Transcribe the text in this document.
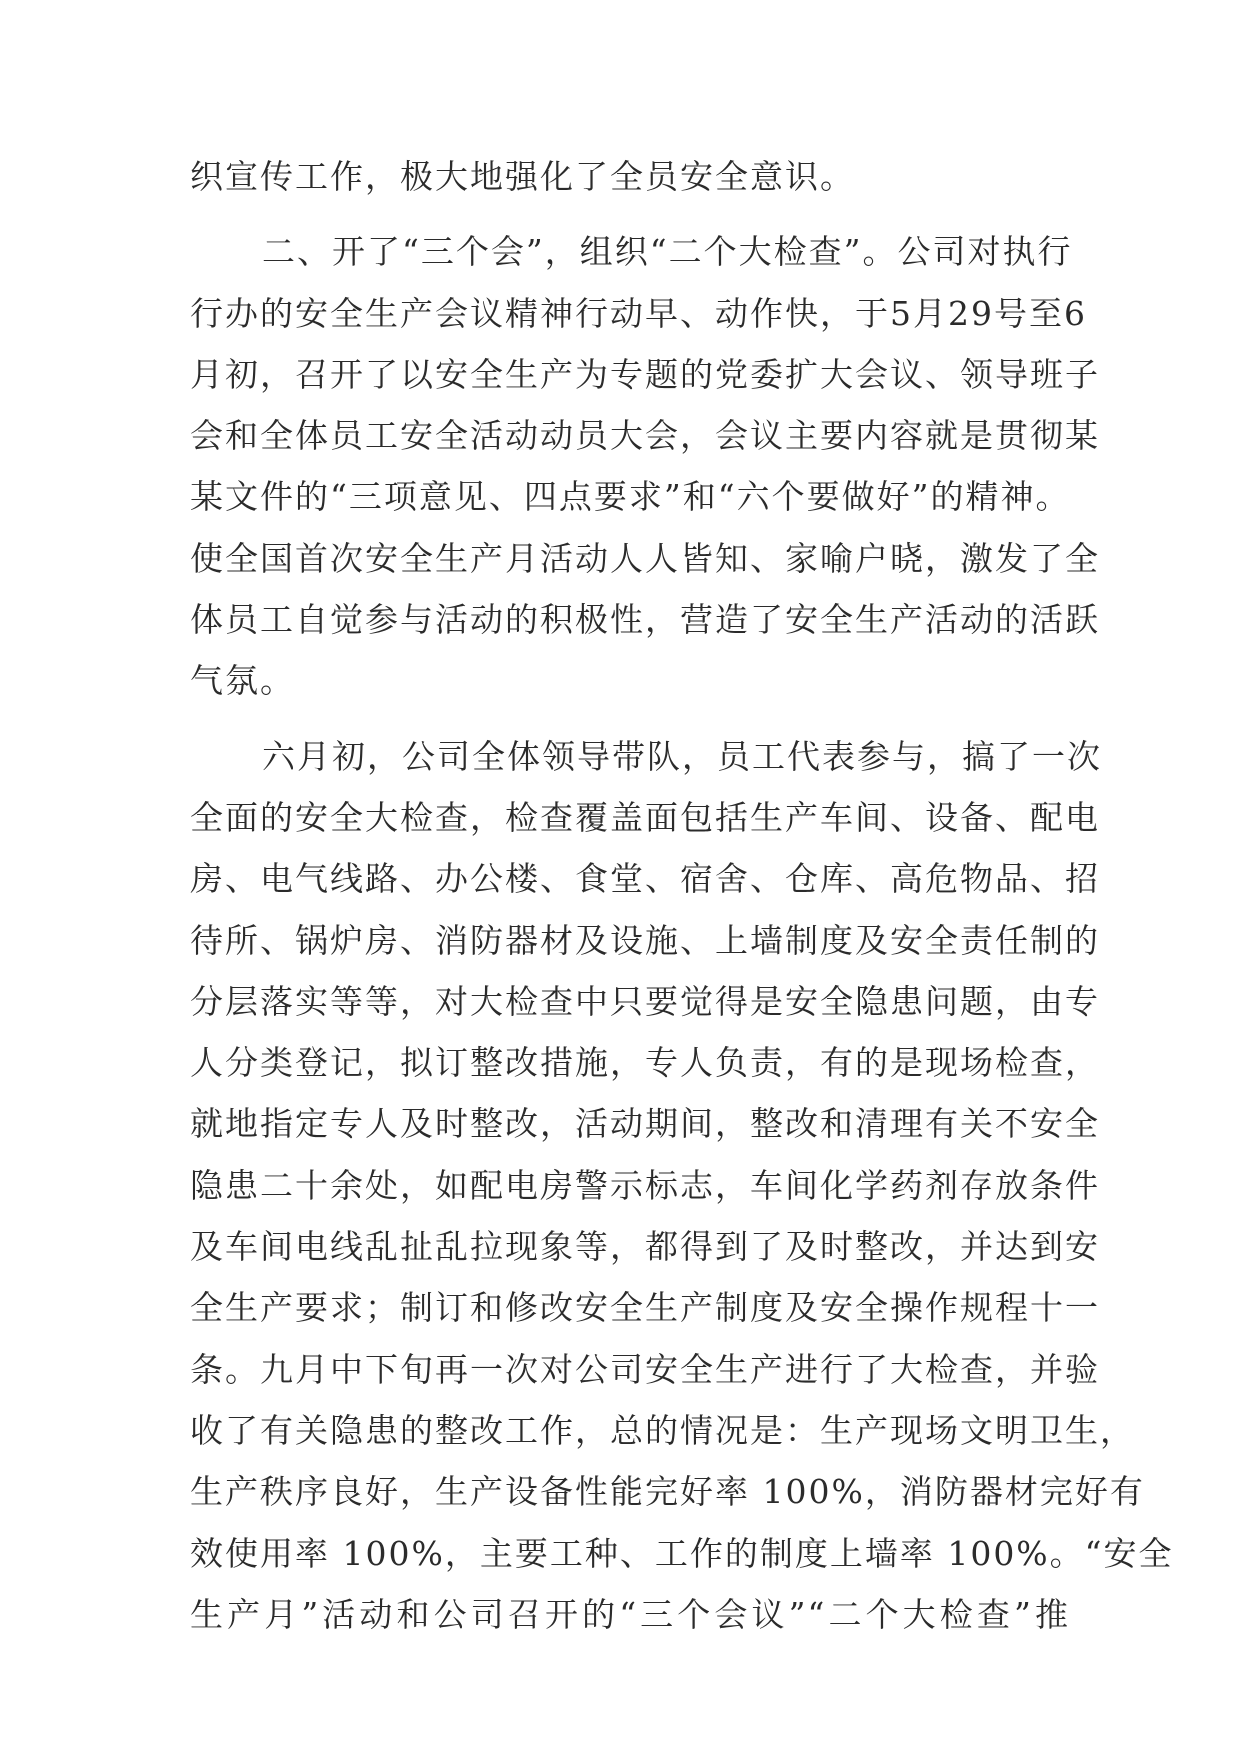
织宣传工作，极大地强化了全员安全意识。
二、开了“三个会”，组织“二个大检查”。公司对执行
行办的安全生产会议精神行动早、动作快，于5月29号至6
月初，召开了以安全生产为专题的党委扩大会议、领导班子
会和全体员工安全活动动员大会，会议主要内容就是贯彻某
某文件的“三项意见、四点要求”和“六个要做好”的精神。
使全国首次安全生产月活动人人皆知、家喻户晓，激发了全
体员工自觉参与活动的积极性，营造了安全生产活动的活跃
气氛。
六月初，公司全体领导带队，员工代表参与，搞了一次
全面的安全大检查，检查覆盖面包括生产车间、设备、配电
房、电气线路、办公楼、食堂、宿舍、仓库、高危物品、招
待所、锅炉房、消防器材及设施、上墙制度及安全责任制的
分层落实等等，对大检查中只要觉得是安全隐患问题，由专
人分类登记，拟订整改措施，专人负责，有的是现场检查，
就地指定专人及时整改，活动期间，整改和清理有关不安全
隐患二十余处，如配电房警示标志，车间化学药剂存放条件
及车间电线乱扯乱拉现象等，都得到了及时整改，并达到安
全生产要求；制订和修改安全生产制度及安全操作规程十一
条。九月中下旬再一次对公司安全生产进行了大检查，并验
收了有关隐患的整改工作，总的情况是：生产现场文明卫生，
生产秩序良好，生产设备性能完好率 100%，消防器材完好有
效使用率 100%，主要工种、工作的制度上墙率 100%。“安全
生产月”活动和公司召开的“三个会议”“二个大检查”推
